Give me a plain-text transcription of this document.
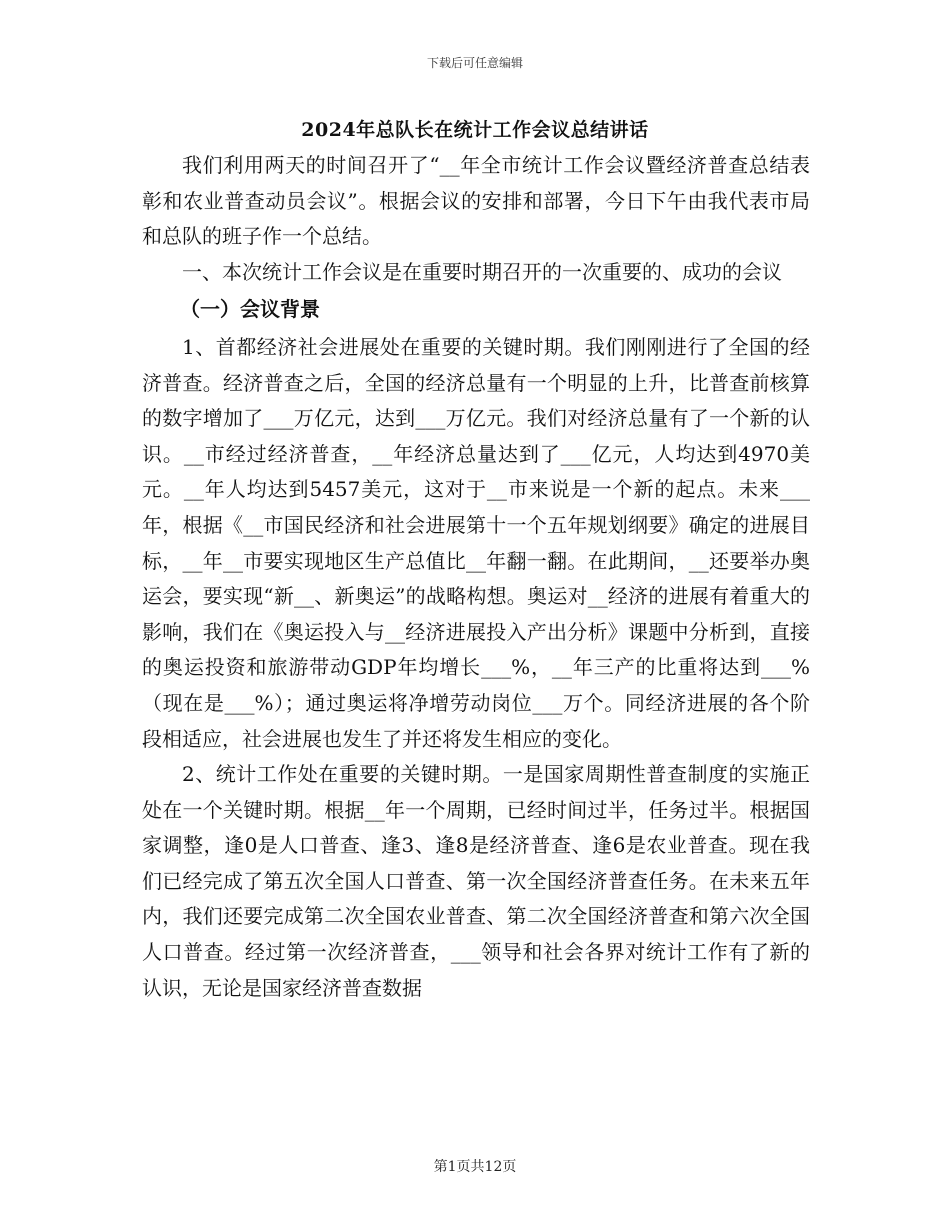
下载后可任意编辑
2024年总队长在统计工作会议总结讲话

我们利用两天的时间召开了“__年全市统计工作会议暨经济普查总结表彰和农业普查动员会议”。根据会议的安排和部署，今日下午由我代表市局和总队的班子作一个总结。

一、本次统计工作会议是在重要时期召开的一次重要的、成功的会议

（一）会议背景

1、首都经济社会进展处在重要的关键时期。我们刚刚进行了全国的经济普查。经济普查之后，全国的经济总量有一个明显的上升，比普查前核算的数字增加了___万亿元，达到___万亿元。我们对经济总量有了一个新的认识。__市经过经济普查，__年经济总量达到了___亿元，人均达到4970美元。__年人均达到5457美元，这对于__市来说是一个新的起点。未来___年，根据《__市国民经济和社会进展第十一个五年规划纲要》确定的进展目标，__年__市要实现地区生产总值比__年翻一翻。在此期间，__还要举办奥运会，要实现“新__、新奥运”的战略构想。奥运对__经济的进展有着重大的影响，我们在《奥运投入与__经济进展投入产出分析》课题中分析到，直接的奥运投资和旅游带动GDP年均增长___%，__年三产的比重将达到___%（现在是___%）；通过奥运将净增劳动岗位___万个。同经济进展的各个阶段相适应，社会进展也发生了并还将发生相应的变化。

2、统计工作处在重要的关键时期。一是国家周期性普查制度的实施正处在一个关键时期。根据__年一个周期，已经时间过半，任务过半。根据国家调整，逢0是人口普查、逢3、逢8是经济普查、逢6是农业普查。现在我们已经完成了第五次全国人口普查、第一次全国经济普查任务。在未来五年内，我们还要完成第二次全国农业普查、第二次全国经济普查和第六次全国人口普查。经过第一次经济普查，___领导和社会各界对统计工作有了新的认识，无论是国家经济普查数据

第1页共12页
